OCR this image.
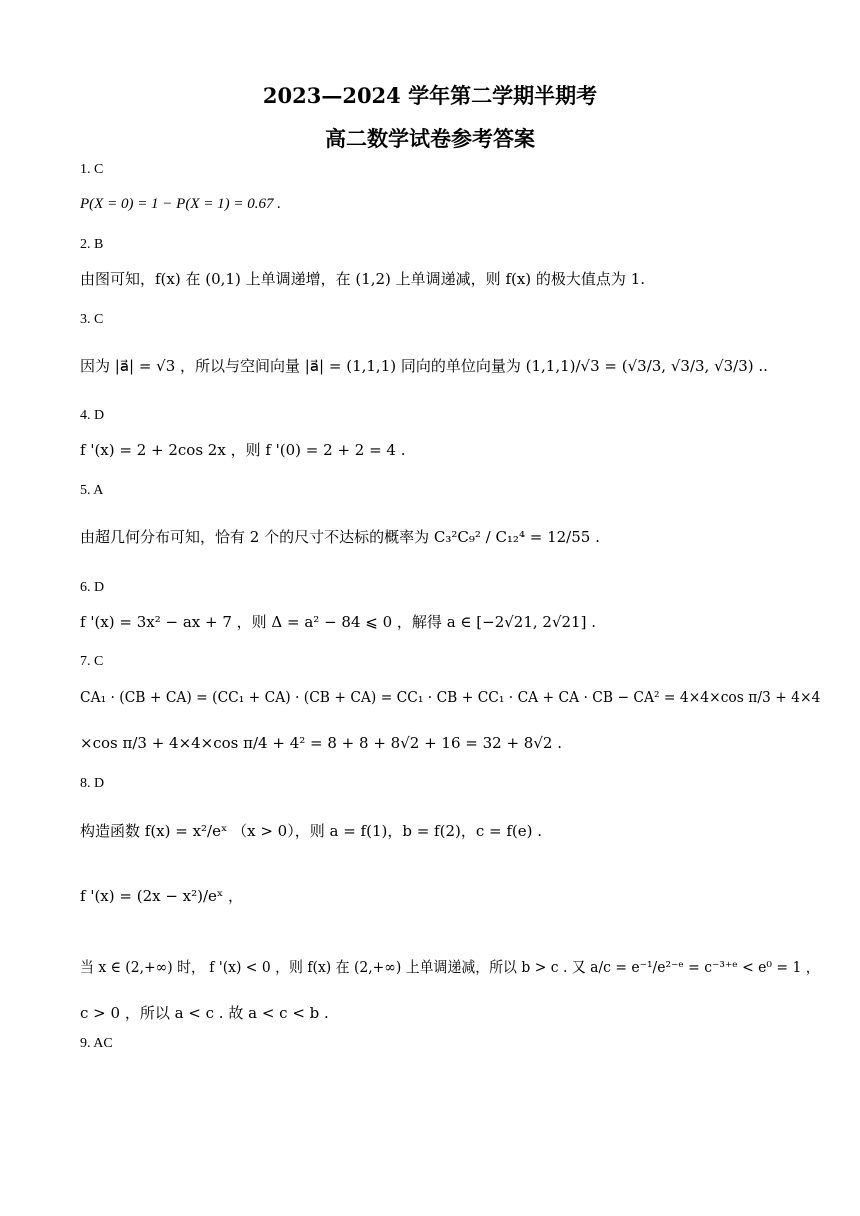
2023—2024 学年第二学期半期考
高二数学试卷参考答案
1. C
P(X = 0) = 1 − P(X = 1) = 0.67 .
2. B
由图可知，f(x) 在 (0,1) 上单调递增，在 (1,2) 上单调递减，则 f(x) 的极大值点为 1.
3. C
因为 |a⃗| = √3 ，所以与空间向量 |a⃗| = (1,1,1) 同向的单位向量为 (1,1,1)/√3 = (√3/3, √3/3, √3/3) ..
4. D
f '(x) = 2 + 2cos 2x ，则 f '(0) = 2 + 2 = 4 .
5. A
由超几何分布可知，恰有 2 个的尺寸不达标的概率为 C₃²C₉² / C₁₂⁴ = 12/55 .
6. D
f '(x) = 3x² − ax + 7 ，则 Δ = a² − 84 ⩽ 0 ，解得 a ∈ [−2√21, 2√21] .
7. C
CA₁ · (CB + CA) = (CC₁ + CA) · (CB + CA) = CC₁ · CB + CC₁ · CA + CA · CB − CA² = 4×4×cos π/3 + 4×4
×cos π/3 + 4×4×cos π/4 + 4² = 8 + 8 + 8√2 + 16 = 32 + 8√2 .
8. D
构造函数 f(x) = x²/eˣ （x > 0），则 a = f(1)，b = f(2)，c = f(e) .
f '(x) = (2x − x²)/eˣ ，
当 x ∈ (2,+∞) 时， f '(x) < 0 ，则 f(x) 在 (2,+∞) 上单调递减，所以 b > c . 又 a/c = e⁻¹/e²⁻ᵉ = c⁻³⁺ᵉ < e⁰ = 1 ，
c > 0 ，所以 a < c . 故 a < c < b .
9. AC
